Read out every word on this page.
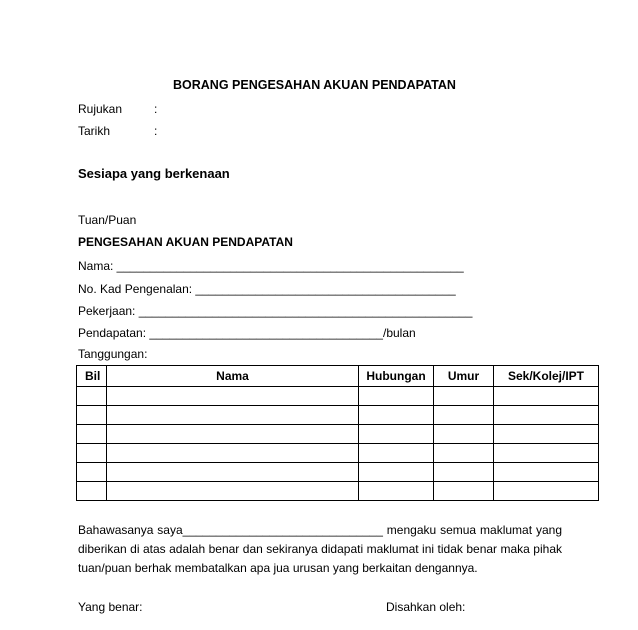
BORANG PENGESAHAN AKUAN PENDAPATAN
Rujukan	:
Tarikh	:
Sesiapa yang berkenaan
Tuan/Puan
PENGESAHAN AKUAN PENDAPATAN
Nama: ____________________________________________________
No. Kad Pengenalan: _______________________________________
Pekerjaan: __________________________________________________
Pendapatan: ___________________________________/bulan
Tanggungan:
Bil	Nama	Hubungan	Umur	Sek/Kolej/IPT

Bahawasanya saya______________________________ mengaku semua maklumat yang
diberikan di atas adalah benar dan sekiranya didapati maklumat ini tidak benar maka pihak
tuan/puan berhak membatalkan apa jua urusan yang berkaitan dengannya.
Yang benar:	Disahkan oleh:
